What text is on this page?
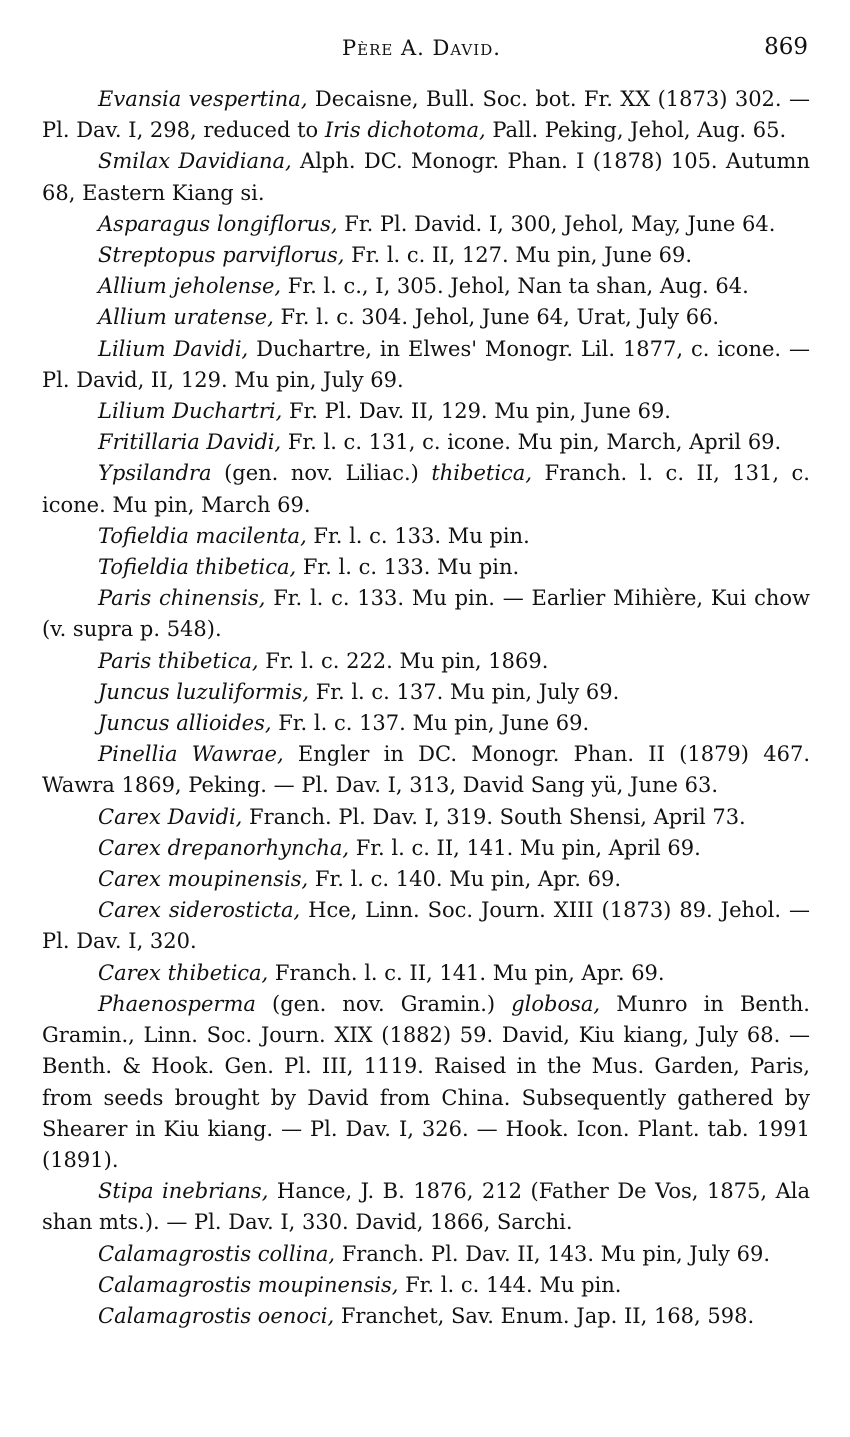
Père A. David.	869

Evansia vespertina, Decaisne, Bull. Soc. bot. Fr. XX (1873) 302. — Pl. Dav. I, 298, reduced to Iris dichotoma, Pall. Peking, Jehol, Aug. 65.

Smilax Davidiana, Alph. DC. Monogr. Phan. I (1878) 105. Autumn 68, Eastern Kiang si.

Asparagus longiflorus, Fr. Pl. David. I, 300, Jehol, May, June 64.

Streptopus parviflorus, Fr. l. c. II, 127. Mu pin, June 69.

Allium jeholense, Fr. l. c., I, 305. Jehol, Nan ta shan, Aug. 64.

Allium uratense, Fr. l. c. 304. Jehol, June 64, Urat, July 66.

Lilium Davidi, Duchartre, in Elwes' Monogr. Lil. 1877, c. icone. — Pl. David, II, 129. Mu pin, July 69.

Lilium Duchartri, Fr. Pl. Dav. II, 129. Mu pin, June 69.

Fritillaria Davidi, Fr. l. c. 131, c. icone. Mu pin, March, April 69.

Ypsilandra (gen. nov. Liliac.) thibetica, Franch. l. c. II, 131, c. icone. Mu pin, March 69.

Tofieldia macilenta, Fr. l. c. 133. Mu pin.

Tofieldia thibetica, Fr. l. c. 133. Mu pin.

Paris chinensis, Fr. l. c. 133. Mu pin. — Earlier Mihière, Kui chow (v. supra p. 548).

Paris thibetica, Fr. l. c. 222. Mu pin, 1869.

Juncus luzuliformis, Fr. l. c. 137. Mu pin, July 69.

Juncus allioides, Fr. l. c. 137. Mu pin, June 69.

Pinellia Wawrae, Engler in DC. Monogr. Phan. II (1879) 467. Wawra 1869, Peking. — Pl. Dav. I, 313, David Sang yü, June 63.

Carex Davidi, Franch. Pl. Dav. I, 319. South Shensi, April 73.

Carex drepanorhyncha, Fr. l. c. II, 141. Mu pin, April 69.

Carex moupinensis, Fr. l. c. 140. Mu pin, Apr. 69.

Carex siderosticta, Hce, Linn. Soc. Journ. XIII (1873) 89. Jehol. — Pl. Dav. I, 320.

Carex thibetica, Franch. l. c. II, 141. Mu pin, Apr. 69.

Phaenosperma (gen. nov. Gramin.) globosa, Munro in Benth. Gramin., Linn. Soc. Journ. XIX (1882) 59. David, Kiu kiang, July 68. — Benth. & Hook. Gen. Pl. III, 1119. Raised in the Mus. Garden, Paris, from seeds brought by David from China. Subsequently gathered by Shearer in Kiu kiang. — Pl. Dav. I, 326. — Hook. Icon. Plant. tab. 1991 (1891).

Stipa inebrians, Hance, J. B. 1876, 212 (Father De Vos, 1875, Ala shan mts.). — Pl. Dav. I, 330. David, 1866, Sarchi.

Calamagrostis collina, Franch. Pl. Dav. II, 143. Mu pin, July 69.

Calamagrostis moupinensis, Fr. l. c. 144. Mu pin.

Calamagrostis oenoci, Franchet, Sav. Enum. Jap. II, 168, 598.
